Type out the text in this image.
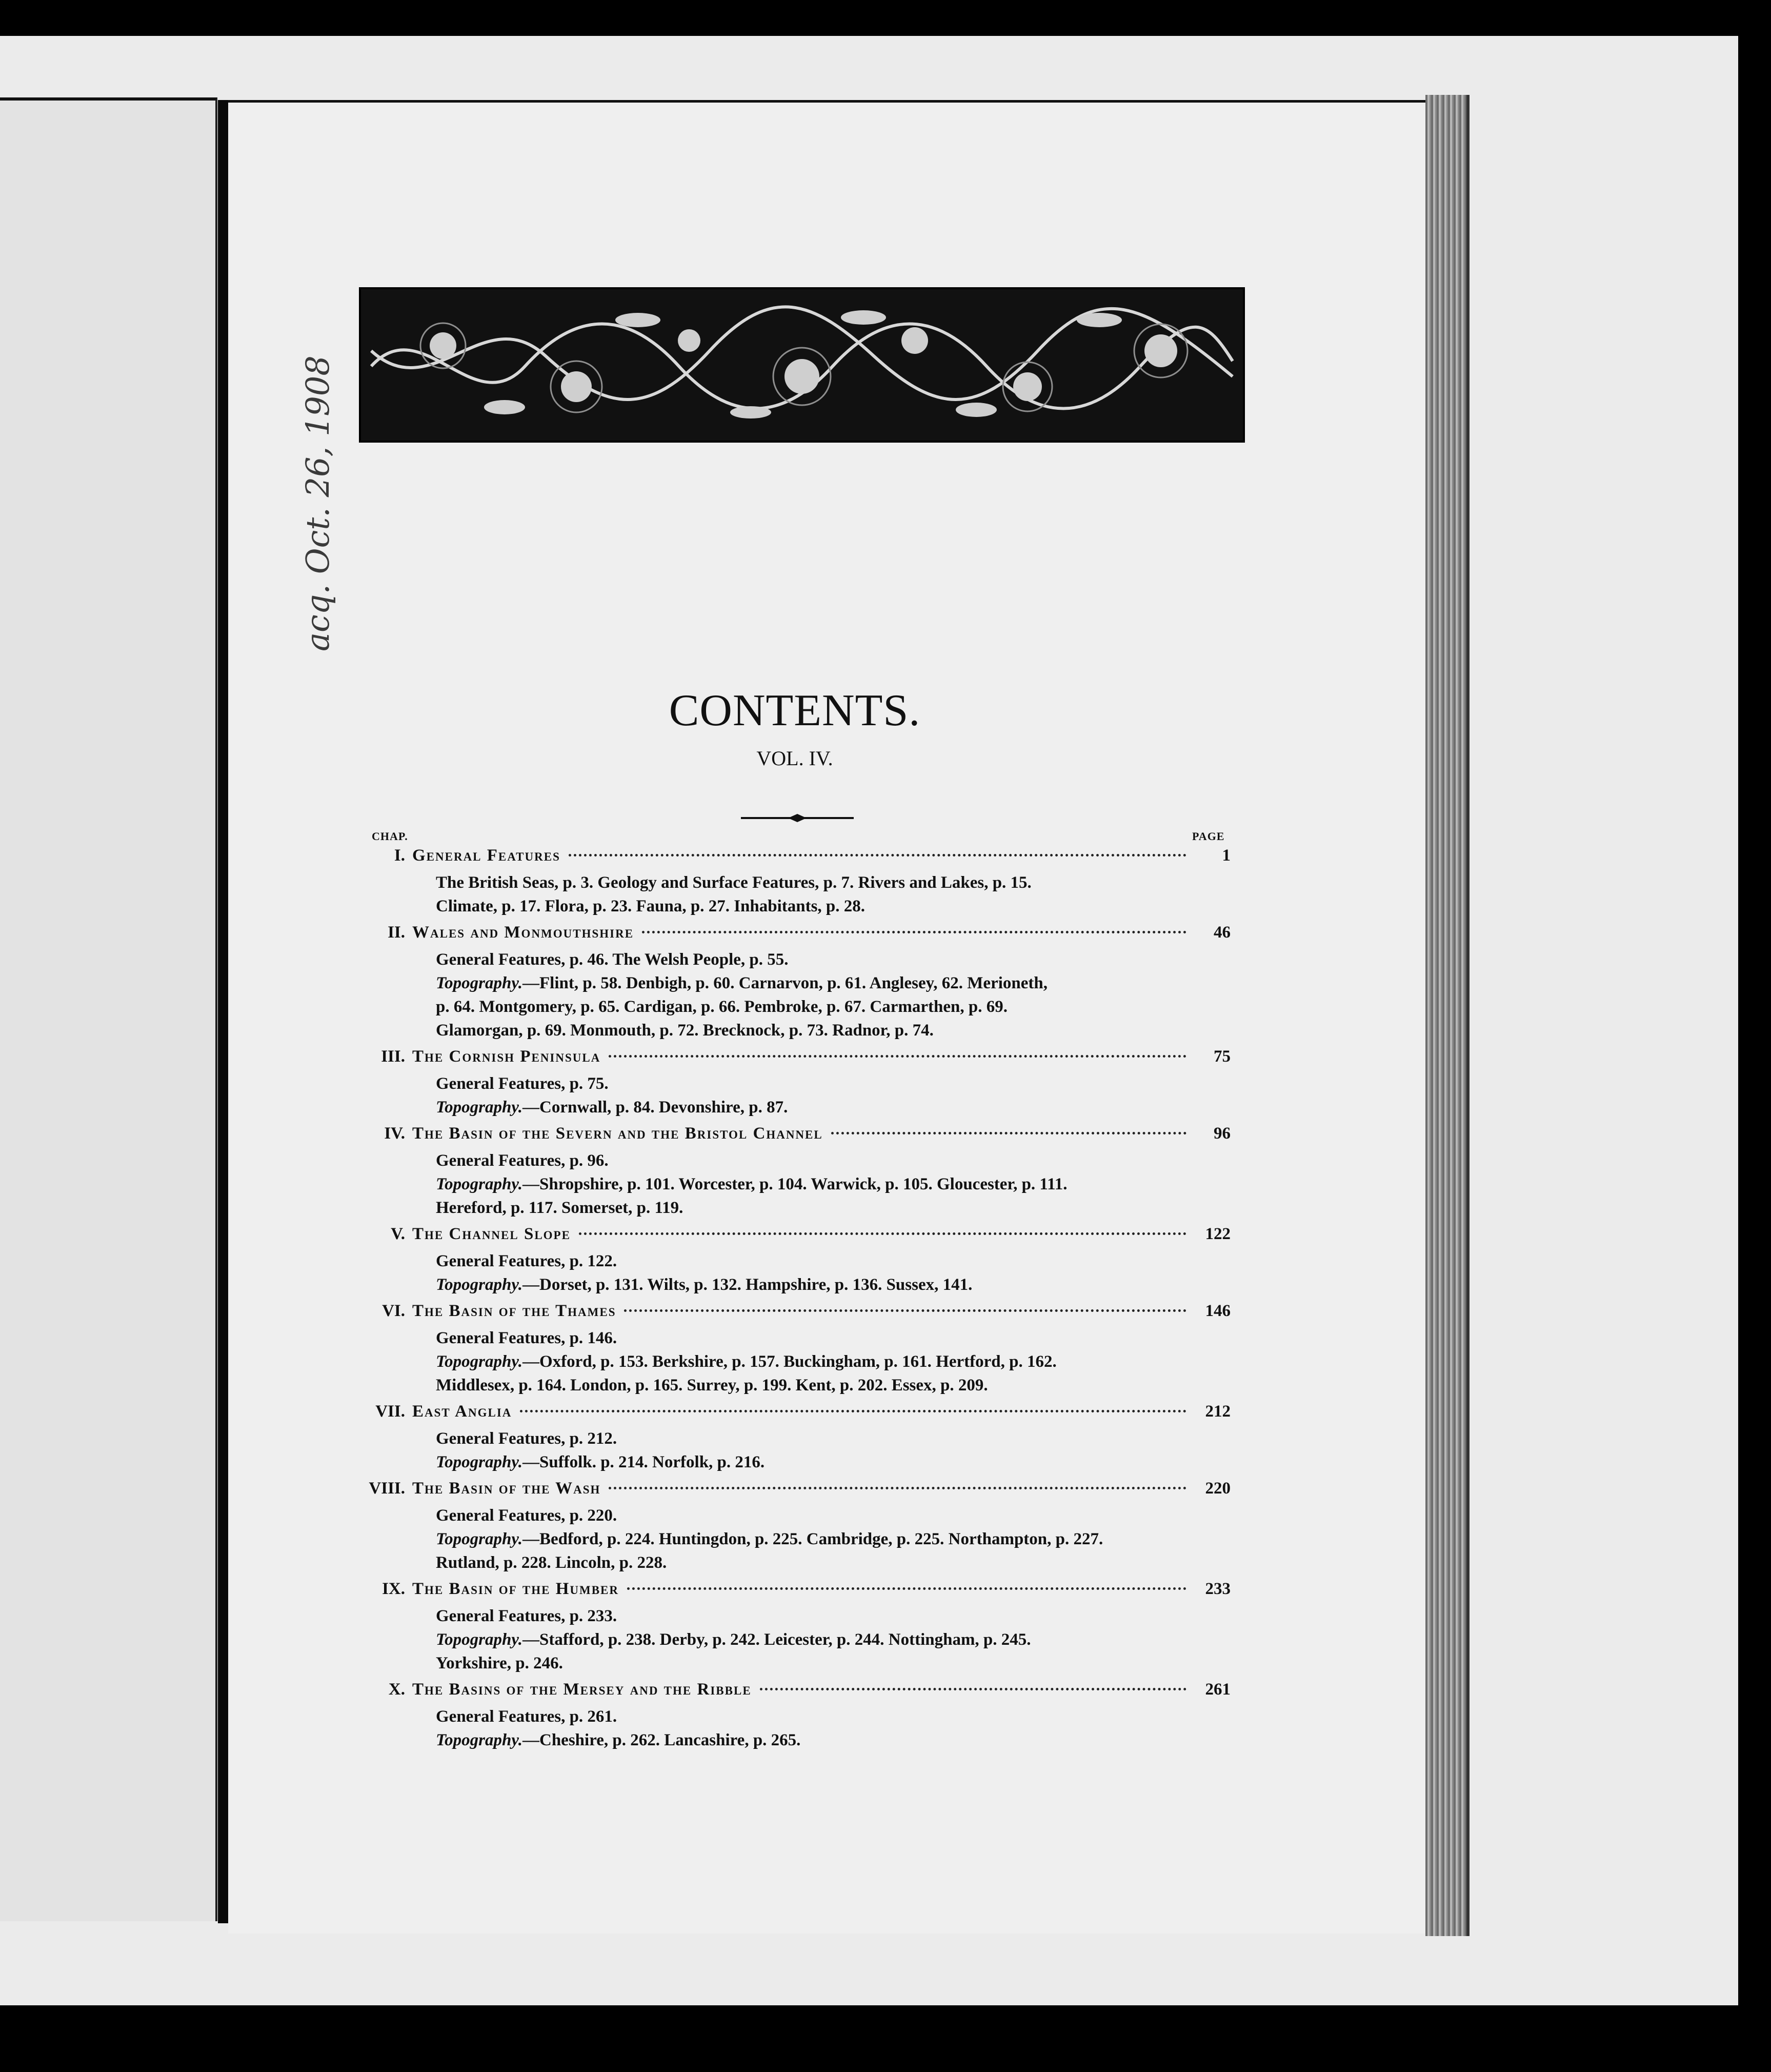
acq. Oct. 26, 1908
CONTENTS.
VOL. IV.
CHAP.	PAGE
I. General Features	1
The British Seas, p. 3. Geology and Surface Features, p. 7. Rivers and Lakes, p. 15.
Climate, p. 17. Flora, p. 23. Fauna, p. 27. Inhabitants, p. 28.
II. Wales and Monmouthshire	46
General Features, p. 46. The Welsh People, p. 55.
Topography.—Flint, p. 58. Denbigh, p. 60. Carnarvon, p. 61. Anglesey, 62. Merioneth,
p. 64. Montgomery, p. 65. Cardigan, p. 66. Pembroke, p. 67. Carmarthen, p. 69.
Glamorgan, p. 69. Monmouth, p. 72. Brecknock, p. 73. Radnor, p. 74.
III. The Cornish Peninsula	75
General Features, p. 75.
Topography.—Cornwall, p. 84. Devonshire, p. 87.
IV. The Basin of the Severn and the Bristol Channel	96
General Features, p. 96.
Topography.—Shropshire, p. 101. Worcester, p. 104. Warwick, p. 105. Gloucester, p. 111.
Hereford, p. 117. Somerset, p. 119.
V. The Channel Slope	122
General Features, p. 122.
Topography.—Dorset, p. 131. Wilts, p. 132. Hampshire, p. 136. Sussex, 141.
VI. The Basin of the Thames	146
General Features, p. 146.
Topography.—Oxford, p. 153. Berkshire, p. 157. Buckingham, p. 161. Hertford, p. 162.
Middlesex, p. 164. London, p. 165. Surrey, p. 199. Kent, p. 202. Essex, p. 209.
VII. East Anglia	212
General Features, p. 212.
Topography.—Suffolk. p. 214. Norfolk, p. 216.
VIII. The Basin of the Wash	220
General Features, p. 220.
Topography.—Bedford, p. 224. Huntingdon, p. 225. Cambridge, p. 225. Northampton, p. 227.
Rutland, p. 228. Lincoln, p. 228.
IX. The Basin of the Humber	233
General Features, p. 233.
Topography.—Stafford, p. 238. Derby, p. 242. Leicester, p. 244. Nottingham, p. 245.
Yorkshire, p. 246.
X. The Basins of the Mersey and the Ribble	261
General Features, p. 261.
Topography.—Cheshire, p. 262. Lancashire, p. 265.
